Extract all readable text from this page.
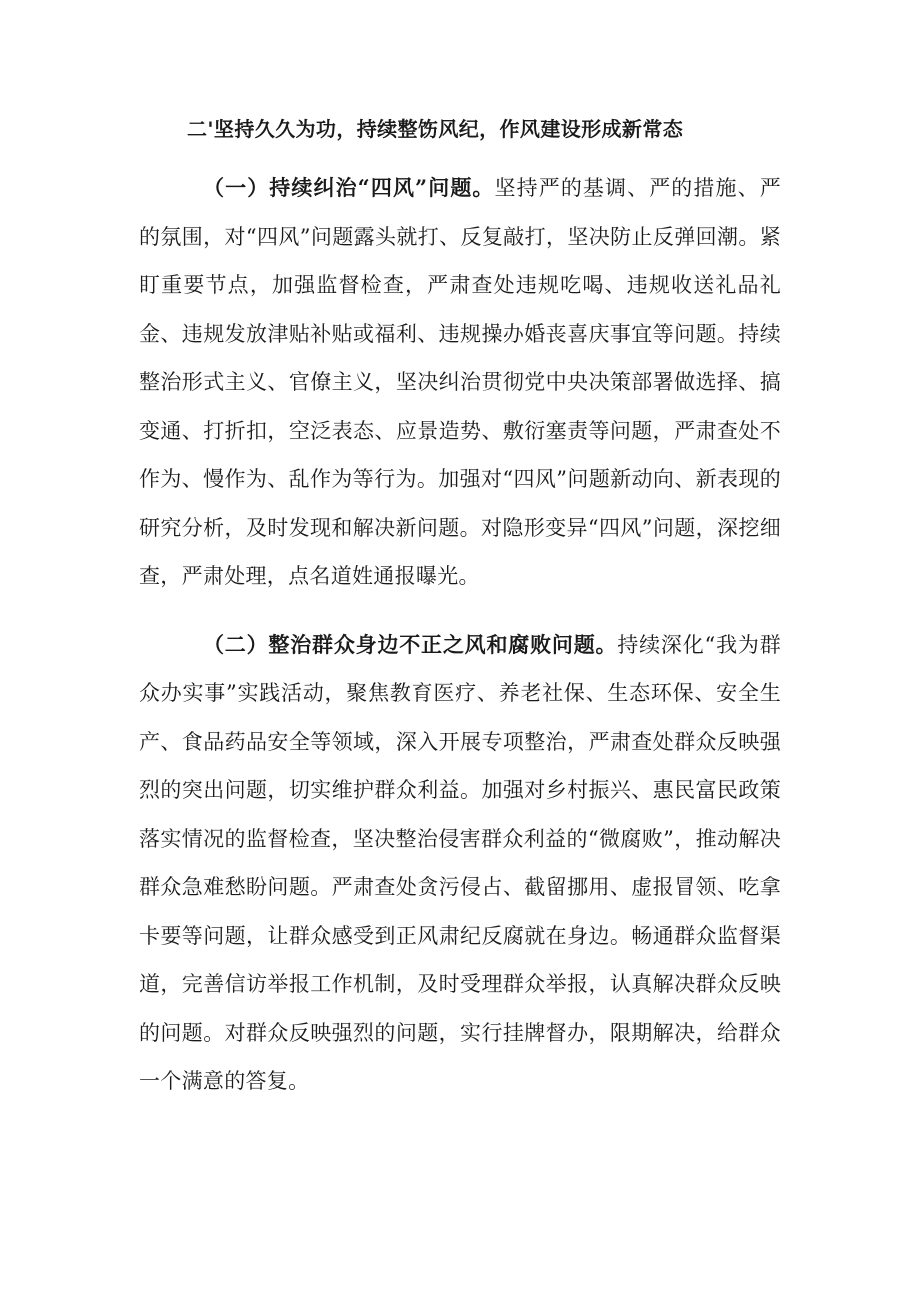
二'坚持久久为功，持续整饬风纪，作风建设形成新常态

（一）持续纠治“四风”问题。坚持严的基调、严的措施、严的氛围，对“四风”问题露头就打、反复敲打，坚决防止反弹回潮。紧盯重要节点，加强监督检查，严肃查处违规吃喝、违规收送礼品礼金、违规发放津贴补贴或福利、违规操办婚丧喜庆事宜等问题。持续整治形式主义、官僚主义，坚决纠治贯彻党中央决策部署做选择、搞变通、打折扣，空泛表态、应景造势、敷衍塞责等问题，严肃查处不作为、慢作为、乱作为等行为。加强对“四风”问题新动向、新表现的研究分析，及时发现和解决新问题。对隐形变异“四风”问题，深挖细查，严肃处理，点名道姓通报曝光。

（二）整治群众身边不正之风和腐败问题。持续深化“我为群众办实事”实践活动，聚焦教育医疗、养老社保、生态环保、安全生产、食品药品安全等领域，深入开展专项整治，严肃查处群众反映强烈的突出问题，切实维护群众利益。加强对乡村振兴、惠民富民政策落实情况的监督检查，坚决整治侵害群众利益的“微腐败”，推动解决群众急难愁盼问题。严肃查处贪污侵占、截留挪用、虚报冒领、吃拿卡要等问题，让群众感受到正风肃纪反腐就在身边。畅通群众监督渠道，完善信访举报工作机制，及时受理群众举报，认真解决群众反映的问题。对群众反映强烈的问题，实行挂牌督办，限期解决，给群众一个满意的答复。
